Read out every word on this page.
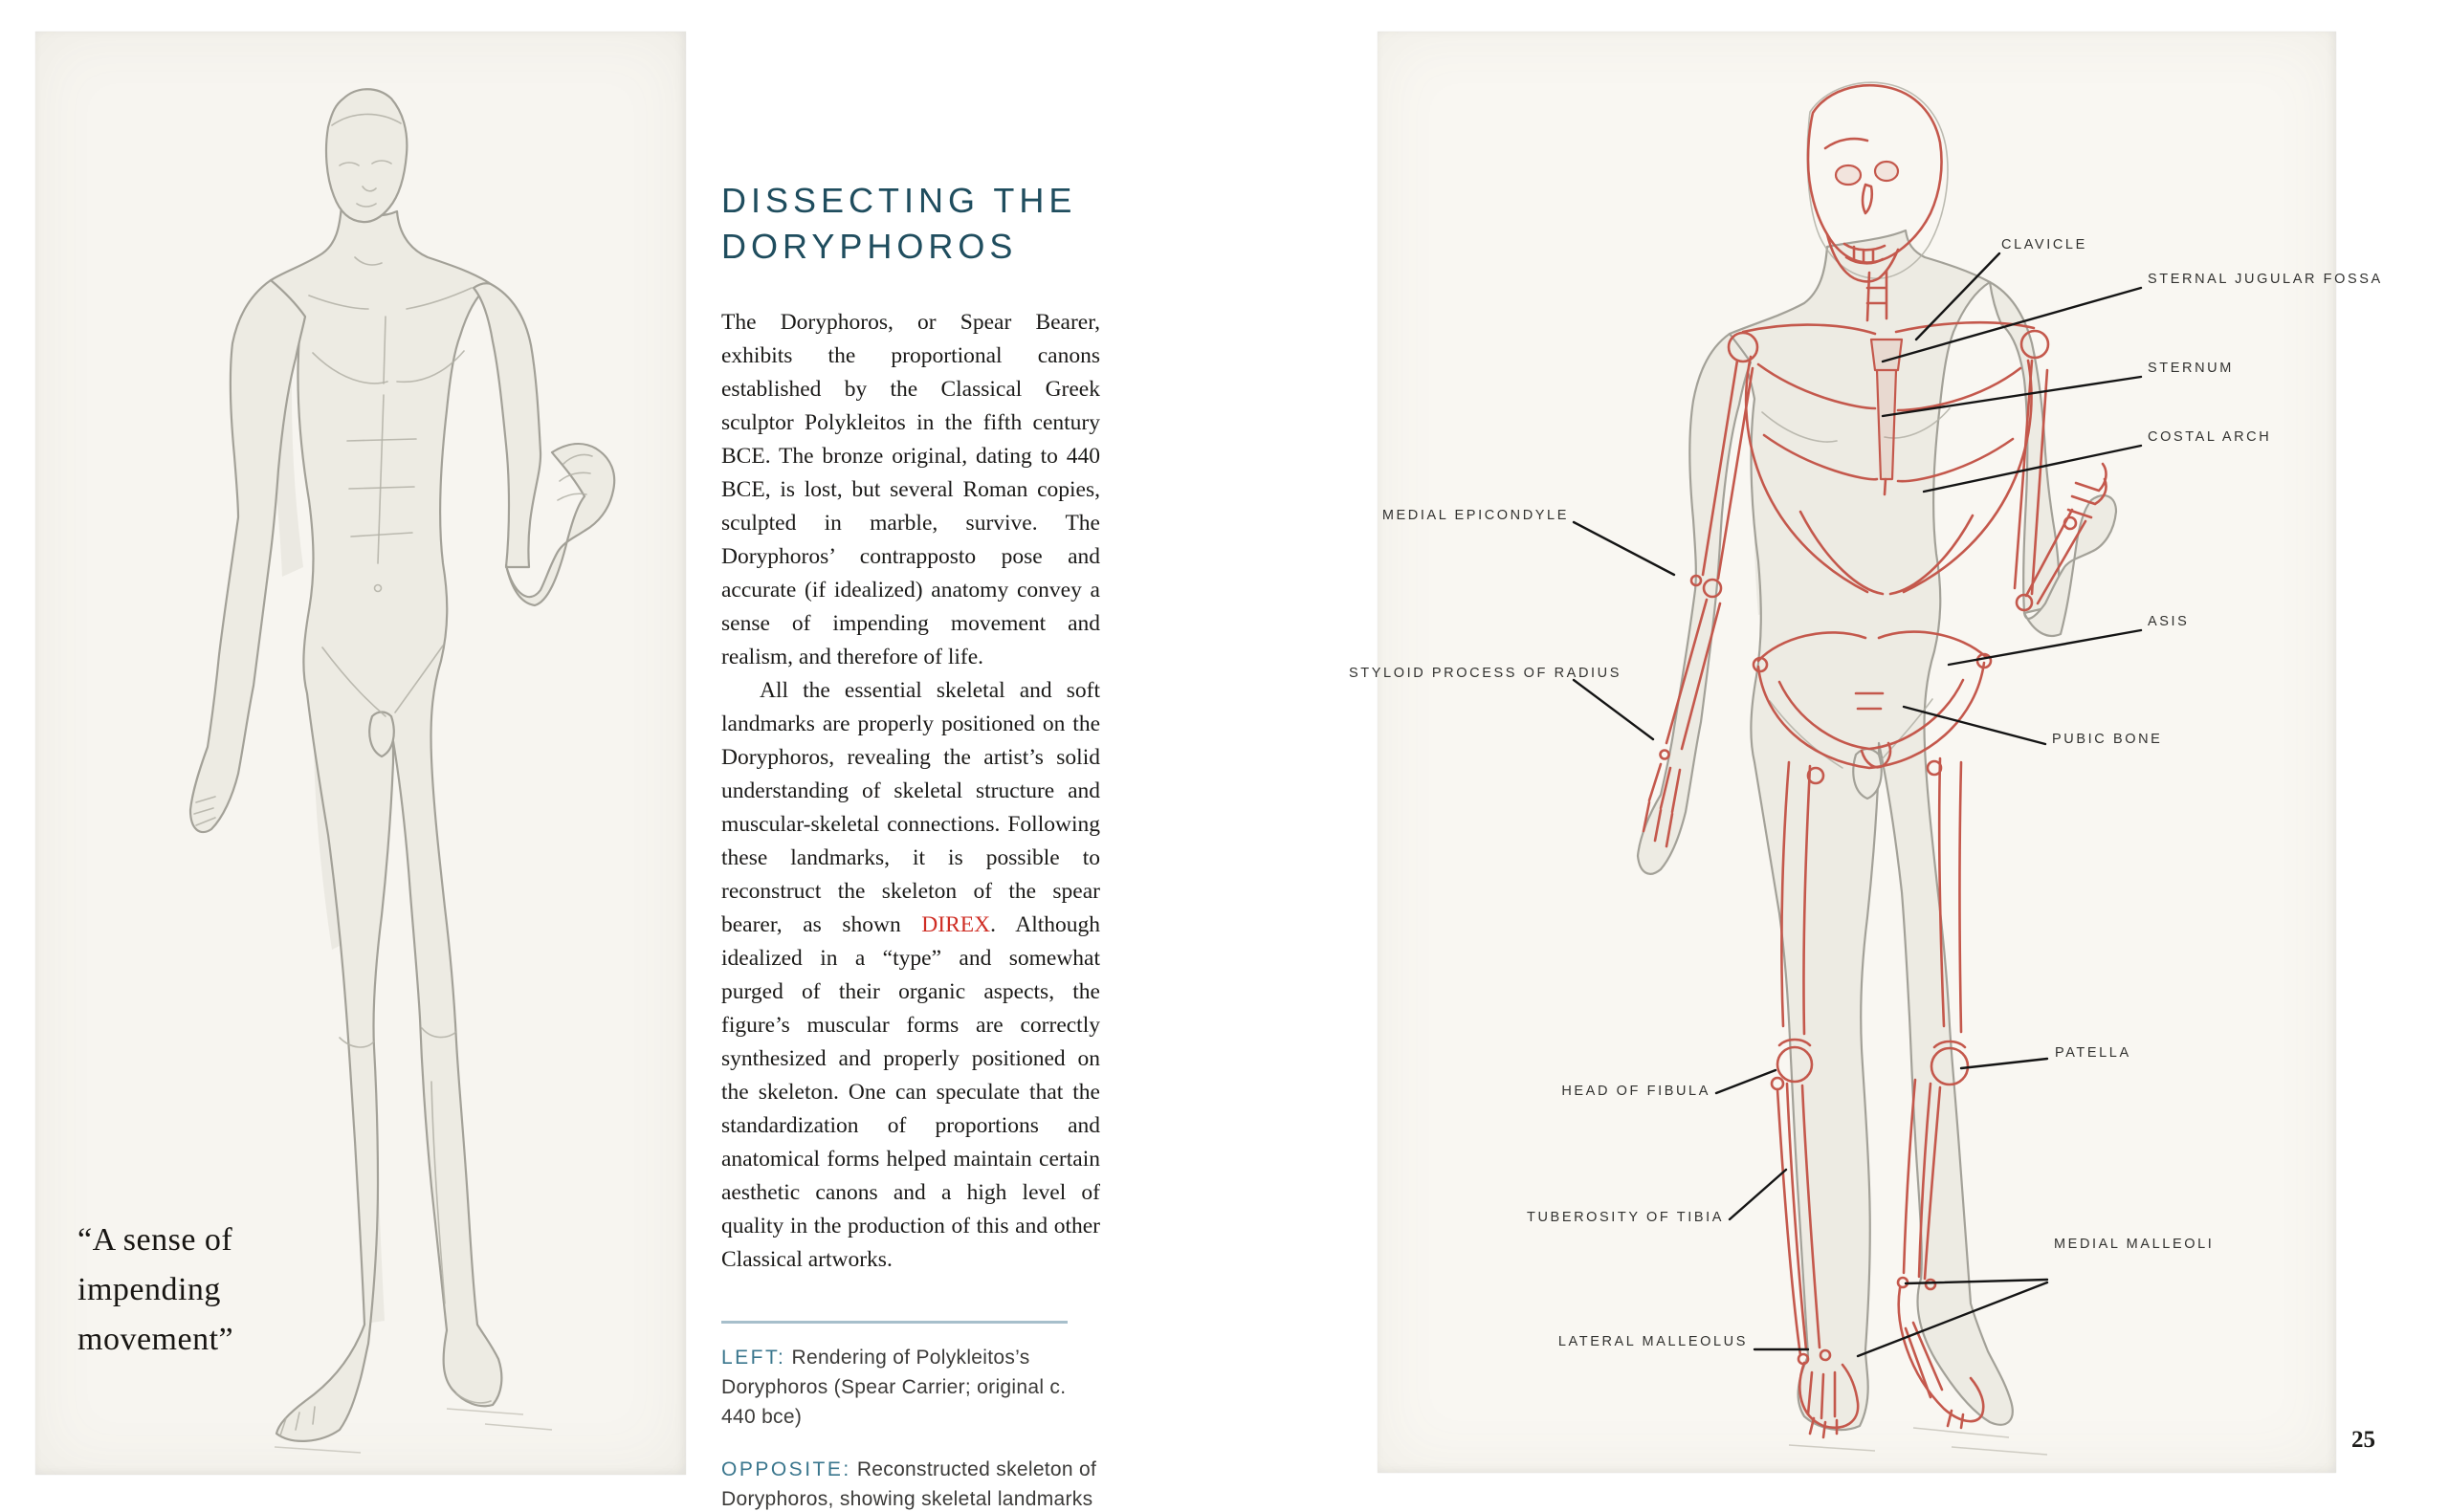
“A sense of
impending
movement”
DISSECTING THE
DORYPHOROS

The Doryphoros, or Spear Bearer, exhibits the proportional canons established by the Classical Greek sculptor Polykleitos in the fifth century BCE. The bronze original, dating to 440 BCE, is lost, but several Roman copies, sculpted in marble, survive. The Doryphoros’ contrapposto pose and accurate (if idealized) anatomy convey a sense of impending movement and realism, and therefore of life.

All the essential skeletal and soft landmarks are properly positioned on the Doryphoros, revealing the artist’s solid understanding of skeletal structure and muscular-skeletal connections. Following these landmarks, it is possible to reconstruct the skeleton of the spear bearer, as shown DIREX. Although idealized in a “type” and somewhat purged of their organic aspects, the figure’s muscular forms are correctly synthesized and properly positioned on the skeleton. One can speculate that the standardization of proportions and anatomical forms helped maintain certain aesthetic canons and a high level of quality in the production of this and other Classical artworks.

LEFT: Rendering of Polykleitos’s Doryphoros (Spear Carrier; original c. 440 bce)

OPPOSITE: Reconstructed skeleton of Doryphoros, showing skeletal landmarks

CLAVICLE
STERNAL JUGULAR FOSSA
STERNUM
COSTAL ARCH
MEDIAL EPICONDYLE
ASIS
STYLOID PROCESS OF RADIUS
PUBIC BONE
PATELLA
HEAD OF FIBULA
TUBEROSITY OF TIBIA
MEDIAL MALLEOLI
LATERAL MALLEOLUS
25
